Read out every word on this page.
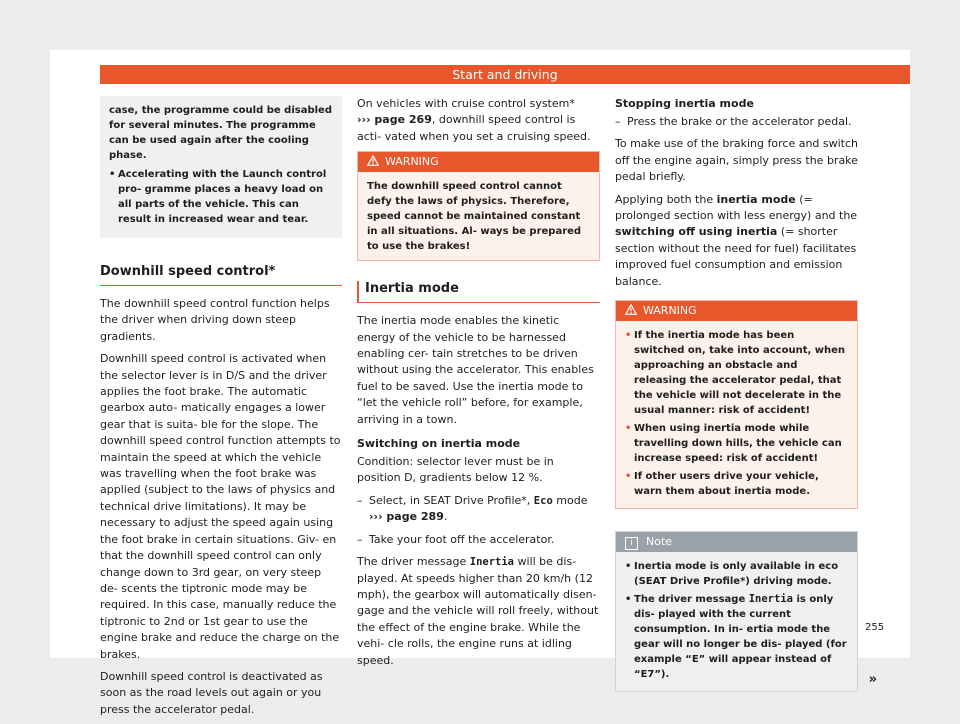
Start and driving

case, the programme could be disabled for several minutes. The programme can be used again after the cooling phase.

• Accelerating with the Launch control pro- gramme places a heavy load on all parts of the vehicle. This can result in increased wear and tear.
Downhill speed control*

The downhill speed control function helps the driver when driving down steep gradients.

Downhill speed control is activated when the selector lever is in D/S and the driver applies the foot brake. The automatic gearbox auto- matically engages a lower gear that is suita- ble for the slope. The downhill speed control function attempts to maintain the speed at which the vehicle was travelling when the foot brake was applied (subject to the laws of physics and technical drive limitations). It may be necessary to adjust the speed again using the foot brake in certain situations. Giv- en that the downhill speed control can only change down to 3rd gear, on very steep de- scents the tiptronic mode may be required. In this case, manually reduce the tiptronic to 2nd or 1st gear to use the engine brake and reduce the charge on the brakes.

Downhill speed control is deactivated as soon as the road levels out again or you press the accelerator pedal.

On vehicles with cruise control system*
››› page 269, downhill speed control is acti- vated when you set a cruising speed.

WARNING

The downhill speed control cannot defy the laws of physics. Therefore, speed cannot be maintained constant in all situations. Al- ways be prepared to use the brakes!

Inertia mode

The inertia mode enables the kinetic energy of the vehicle to be harnessed enabling cer- tain stretches to be driven without using the accelerator. This enables fuel to be saved. Use the inertia mode to “let the vehicle roll” before, for example, arriving in a town.

Switching on inertia mode

Condition: selector lever must be in position D, gradients below 12 %.

– Select, in SEAT Drive Profile*, Eco mode
››› page 289.

– Take your foot off the accelerator.

The driver message Inertia will be dis- played. At speeds higher than 20 km/h (12 mph), the gearbox will automatically disen- gage and the vehicle will roll freely, without the effect of the engine brake. While the vehi- cle rolls, the engine runs at idling speed.

Stopping inertia mode

– Press the brake or the accelerator pedal.

To make use of the braking force and switch off the engine again, simply press the brake pedal briefly.

Applying both the inertia mode (= prolonged section with less energy) and the switching off using inertia (= shorter section without the need for fuel) facilitates improved fuel consumption and emission balance.

WARNING
• If the inertia mode has been switched on, take into account, when approaching an obstacle and releasing the accelerator pedal, that the vehicle will not decelerate in the usual manner: risk of accident!
• When using inertia mode while travelling down hills, the vehicle can increase speed: risk of accident!
• If other users drive your vehicle, warn them about inertia mode.
i Note
• Inertia mode is only available in eco (SEAT Drive Profile*) driving mode.
• The driver message Inertia is only dis- played with the current consumption. In in- ertia mode the gear will no longer be dis- played (for example “E” will appear instead of “E7”).	»
255
